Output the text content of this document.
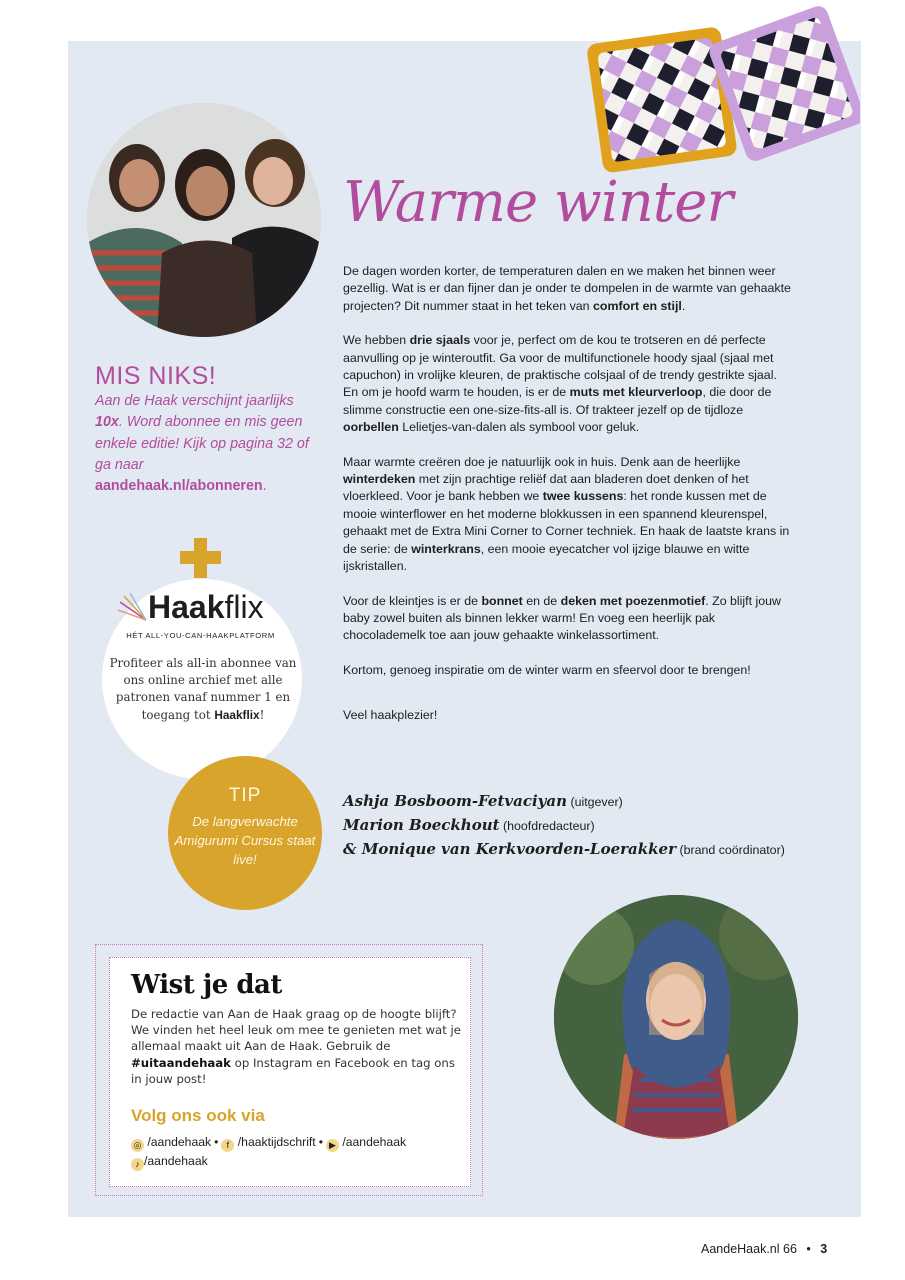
Warme winter

De dagen worden korter, de temperaturen dalen en we maken het binnen weer gezellig. Wat is er dan fijner dan je onder te dompelen in de warmte van gehaakte projecten? Dit nummer staat in het teken van comfort en stijl.

We hebben drie sjaals voor je, perfect om de kou te trotseren en dé perfecte aanvulling op je winteroutfit. Ga voor de multifunctionele hoody sjaal (sjaal met capuchon) in vrolijke kleuren, de praktische colsjaal of de trendy gestrikte sjaal. En om je hoofd warm te houden, is er de muts met kleurverloop, die door de slimme constructie een one-size-fits-all is. Of trakteer jezelf op de tijdloze oorbellen Lelietjes-van-dalen als symbool voor geluk.

Maar warmte creëren doe je natuurlijk ook in huis. Denk aan de heerlijke winterdeken met zijn prachtige reliëf dat aan bladeren doet denken of het vloerkleed. Voor je bank hebben we twee kussens: het ronde kussen met de mooie winterflower en het moderne blokkussen in een spannend kleurenspel, gehaakt met de Extra Mini Corner to Corner techniek. En haak de laatste krans in de serie: de winterkrans, een mooie eyecatcher vol ijzige blauwe en witte ijskristallen.

Voor de kleintjes is er de bonnet en de deken met poezenmotief. Zo blijft jouw baby zowel buiten als binnen lekker warm! En voeg een heerlijk pak chocolademelk toe aan jouw gehaakte winkelassortiment.

Kortom, genoeg inspiratie om de winter warm en sfeervol door te brengen!

Veel haakplezier!

Ashja Bosboom-Fetvaciyan (uitgever)
Marion Boeckhout (hoofdredacteur)
& Monique van Kerkvoorden-Loerakker (brand coördinator)
MIS NIKS!
Aan de Haak verschijnt jaarlijks 10x. Word abonnee en mis geen enkele editie! Kijk op pagina 32 of ga naar
aandehaak.nl/abonneren.
Haakflix
HÉT ALL-YOU-CAN-HAAKPLATFORM
Profiteer als all-in abonnee van ons online archief met alle patronen vanaf nummer 1 en toegang tot Haakflix!
TIP
De langverwachte Amigurumi Cursus staat live!
Wist je dat
De redactie van Aan de Haak graag op de hoogte blijft? We vinden het heel leuk om mee te genieten met wat je allemaal maakt uit Aan de Haak. Gebruik de #uitaandehaak op Instagram en Facebook en tag ons in jouw post!
Volg ons ook via
◎ /aandehaak • f /haaktijdschrift • ▶ /aandehaak
♪ /aandehaak
AandeHaak.nl 66 • 3
